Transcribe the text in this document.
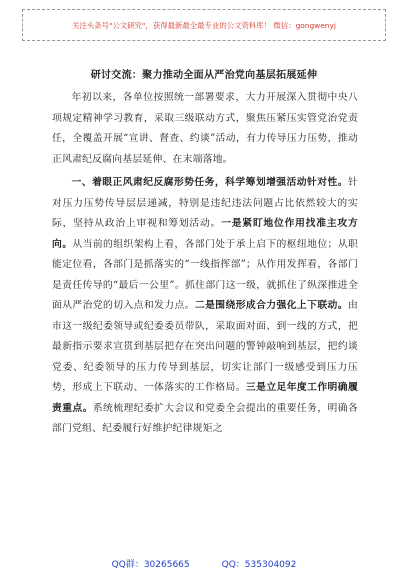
关注头条号"公文研究"，获得最新最全最专业的公文资料库！ 微信：gongwenyj
研讨交流：聚力推动全面从严治党向基层拓展延伸

年初以来，各单位按照统一部署要求，大力开展深入贯彻中央八项规定精神学习教育，采取三级联动方式，聚焦压紧压实管党治党责任，全覆盖开展“宣讲、督查、约谈”活动，有力传导压力压势，推动正风肃纪反腐向基层延伸、在末端落地。

一、着眼正风肃纪反腐形势任务，科学筹划增强活动针对性。针对压力压势传导层层递减，特别是违纪违法问题占比依然较大的实际，坚持从政治上审视和筹划活动。一是紧盯地位作用找准主攻方向。从当前的组织架构上看，各部门处于承上启下的枢纽地位；从职能定位看，各部门是抓落实的“一线指挥部”；从作用发挥看，各部门是责任传导的“最后一公里”。抓住部门这一级，就抓住了纵深推进全面从严治党的切入点和发力点。二是围绕形成合力强化上下联动。由市这一级纪委领导或纪委委员带队，采取面对面、到一线的方式，把最新指示要求宣贯到基层把存在突出问题的警钟敲响到基层，把约谈党委、纪委领导的压力传导到基层，切实让部门一级感受到压力压势，形成上下联动、一体落实的工作格局。三是立足年度工作明确履责重点。系统梳理纪委扩大会议和党委全会提出的重要任务，明确各部门党组、纪委履行好维护纪律规矩之

QQ群：30265665	QQ：535304092
